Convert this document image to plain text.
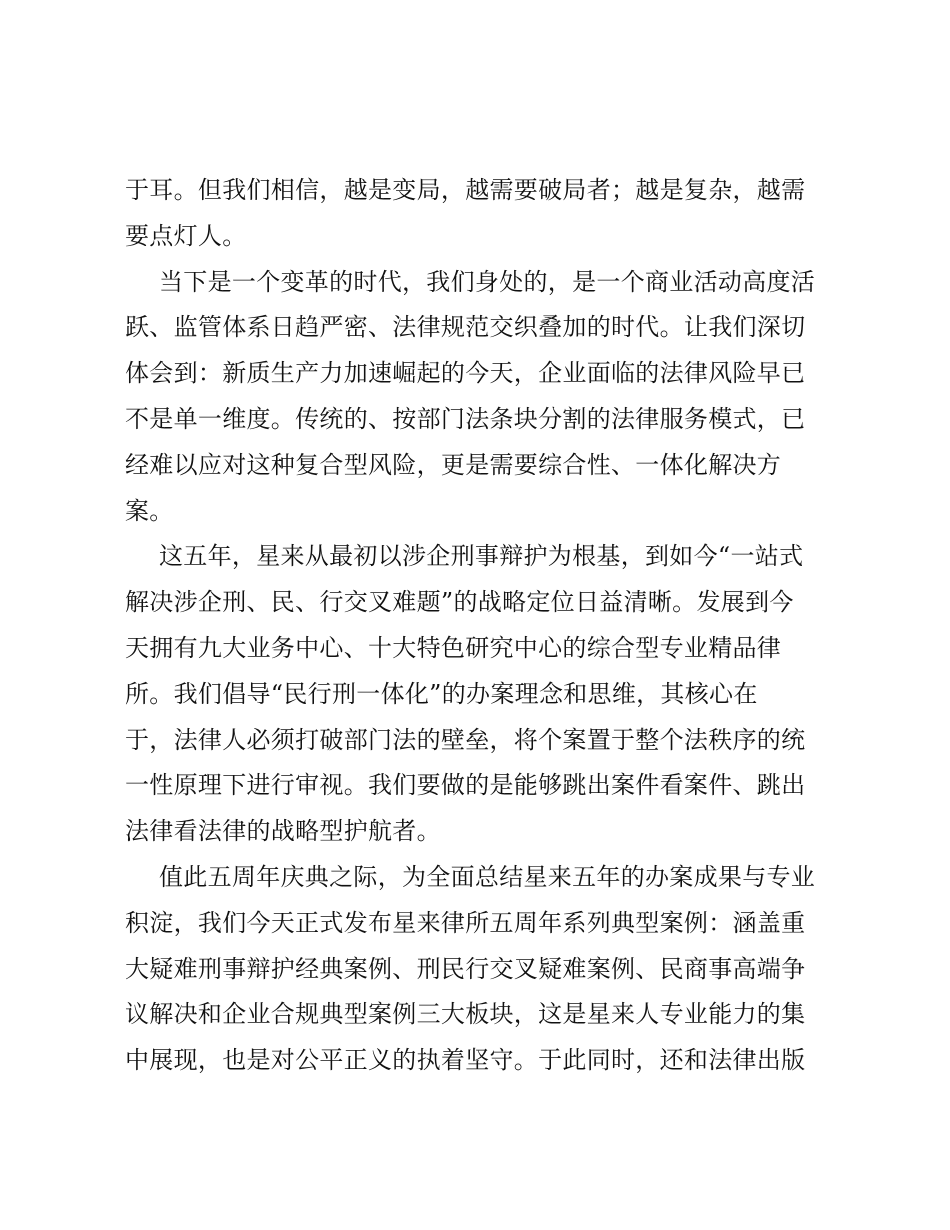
于耳。但我们相信，越是变局，越需要破局者；越是复杂，越需
要点灯人。
当下是一个变革的时代，我们身处的，是一个商业活动高度活
跃、监管体系日趋严密、法律规范交织叠加的时代。让我们深切
体会到：新质生产力加速崛起的今天，企业面临的法律风险早已
不是单一维度。传统的、按部门法条块分割的法律服务模式，已
经难以应对这种复合型风险，更是需要综合性、一体化解决方
案。
这五年，星来从最初以涉企刑事辩护为根基，到如今“一站式
解决涉企刑、民、行交叉难题”的战略定位日益清晰。发展到今
天拥有九大业务中心、十大特色研究中心的综合型专业精品律
所。我们倡导“民行刑一体化”的办案理念和思维，其核心在
于，法律人必须打破部门法的壁垒，将个案置于整个法秩序的统
一性原理下进行审视。我们要做的是能够跳出案件看案件、跳出
法律看法律的战略型护航者。
值此五周年庆典之际，为全面总结星来五年的办案成果与专业
积淀，我们今天正式发布星来律所五周年系列典型案例：涵盖重
大疑难刑事辩护经典案例、刑民行交叉疑难案例、民商事高端争
议解决和企业合规典型案例三大板块，这是星来人专业能力的集
中展现，也是对公平正义的执着坚守。于此同时，还和法律出版
